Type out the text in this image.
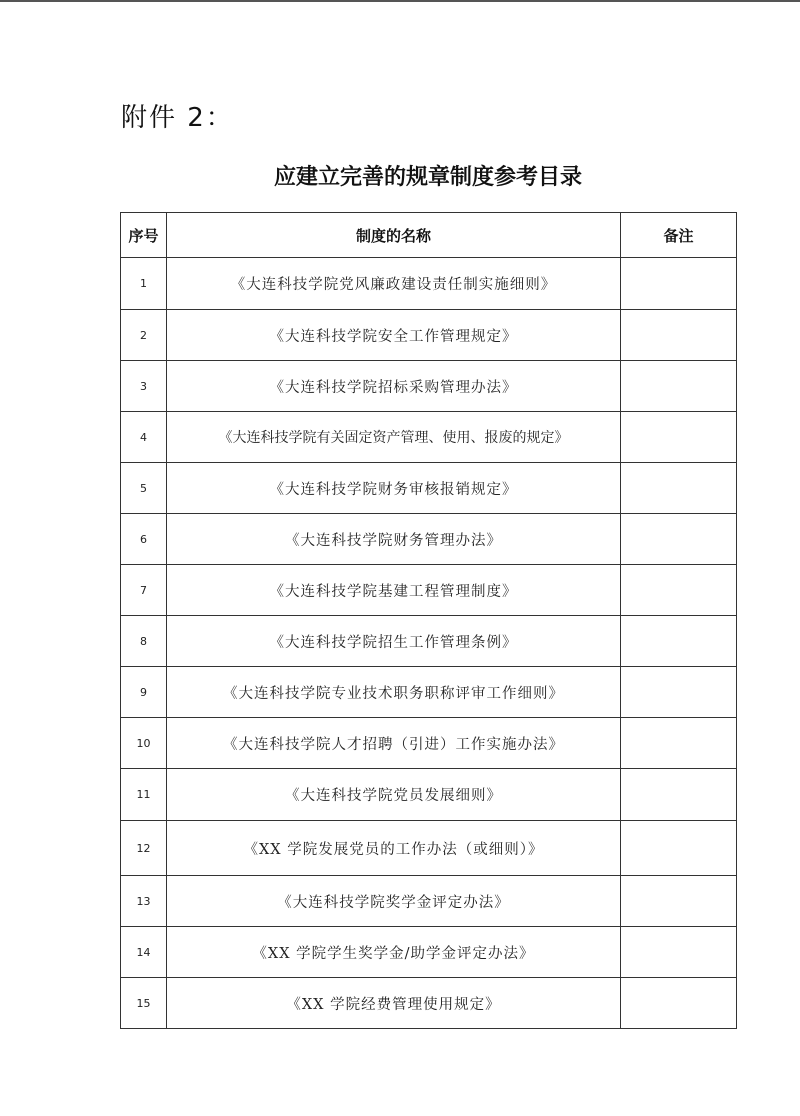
附件 2：
应建立完善的规章制度参考目录
序号	制度的名称	备注
1	《大连科技学院党风廉政建设责任制实施细则》	
2	《大连科技学院安全工作管理规定》	
3	《大连科技学院招标采购管理办法》	
4	《大连科技学院有关固定资产管理、使用、报废的规定》	
5	《大连科技学院财务审核报销规定》	
6	《大连科技学院财务管理办法》	
7	《大连科技学院基建工程管理制度》	
8	《大连科技学院招生工作管理条例》	
9	《大连科技学院专业技术职务职称评审工作细则》	
10	《大连科技学院人才招聘（引进）工作实施办法》	
11	《大连科技学院党员发展细则》	
12	《XX 学院发展党员的工作办法（或细则）》	
13	《大连科技学院奖学金评定办法》	
14	《XX 学院学生奖学金/助学金评定办法》	
15	《XX 学院经费管理使用规定》	
